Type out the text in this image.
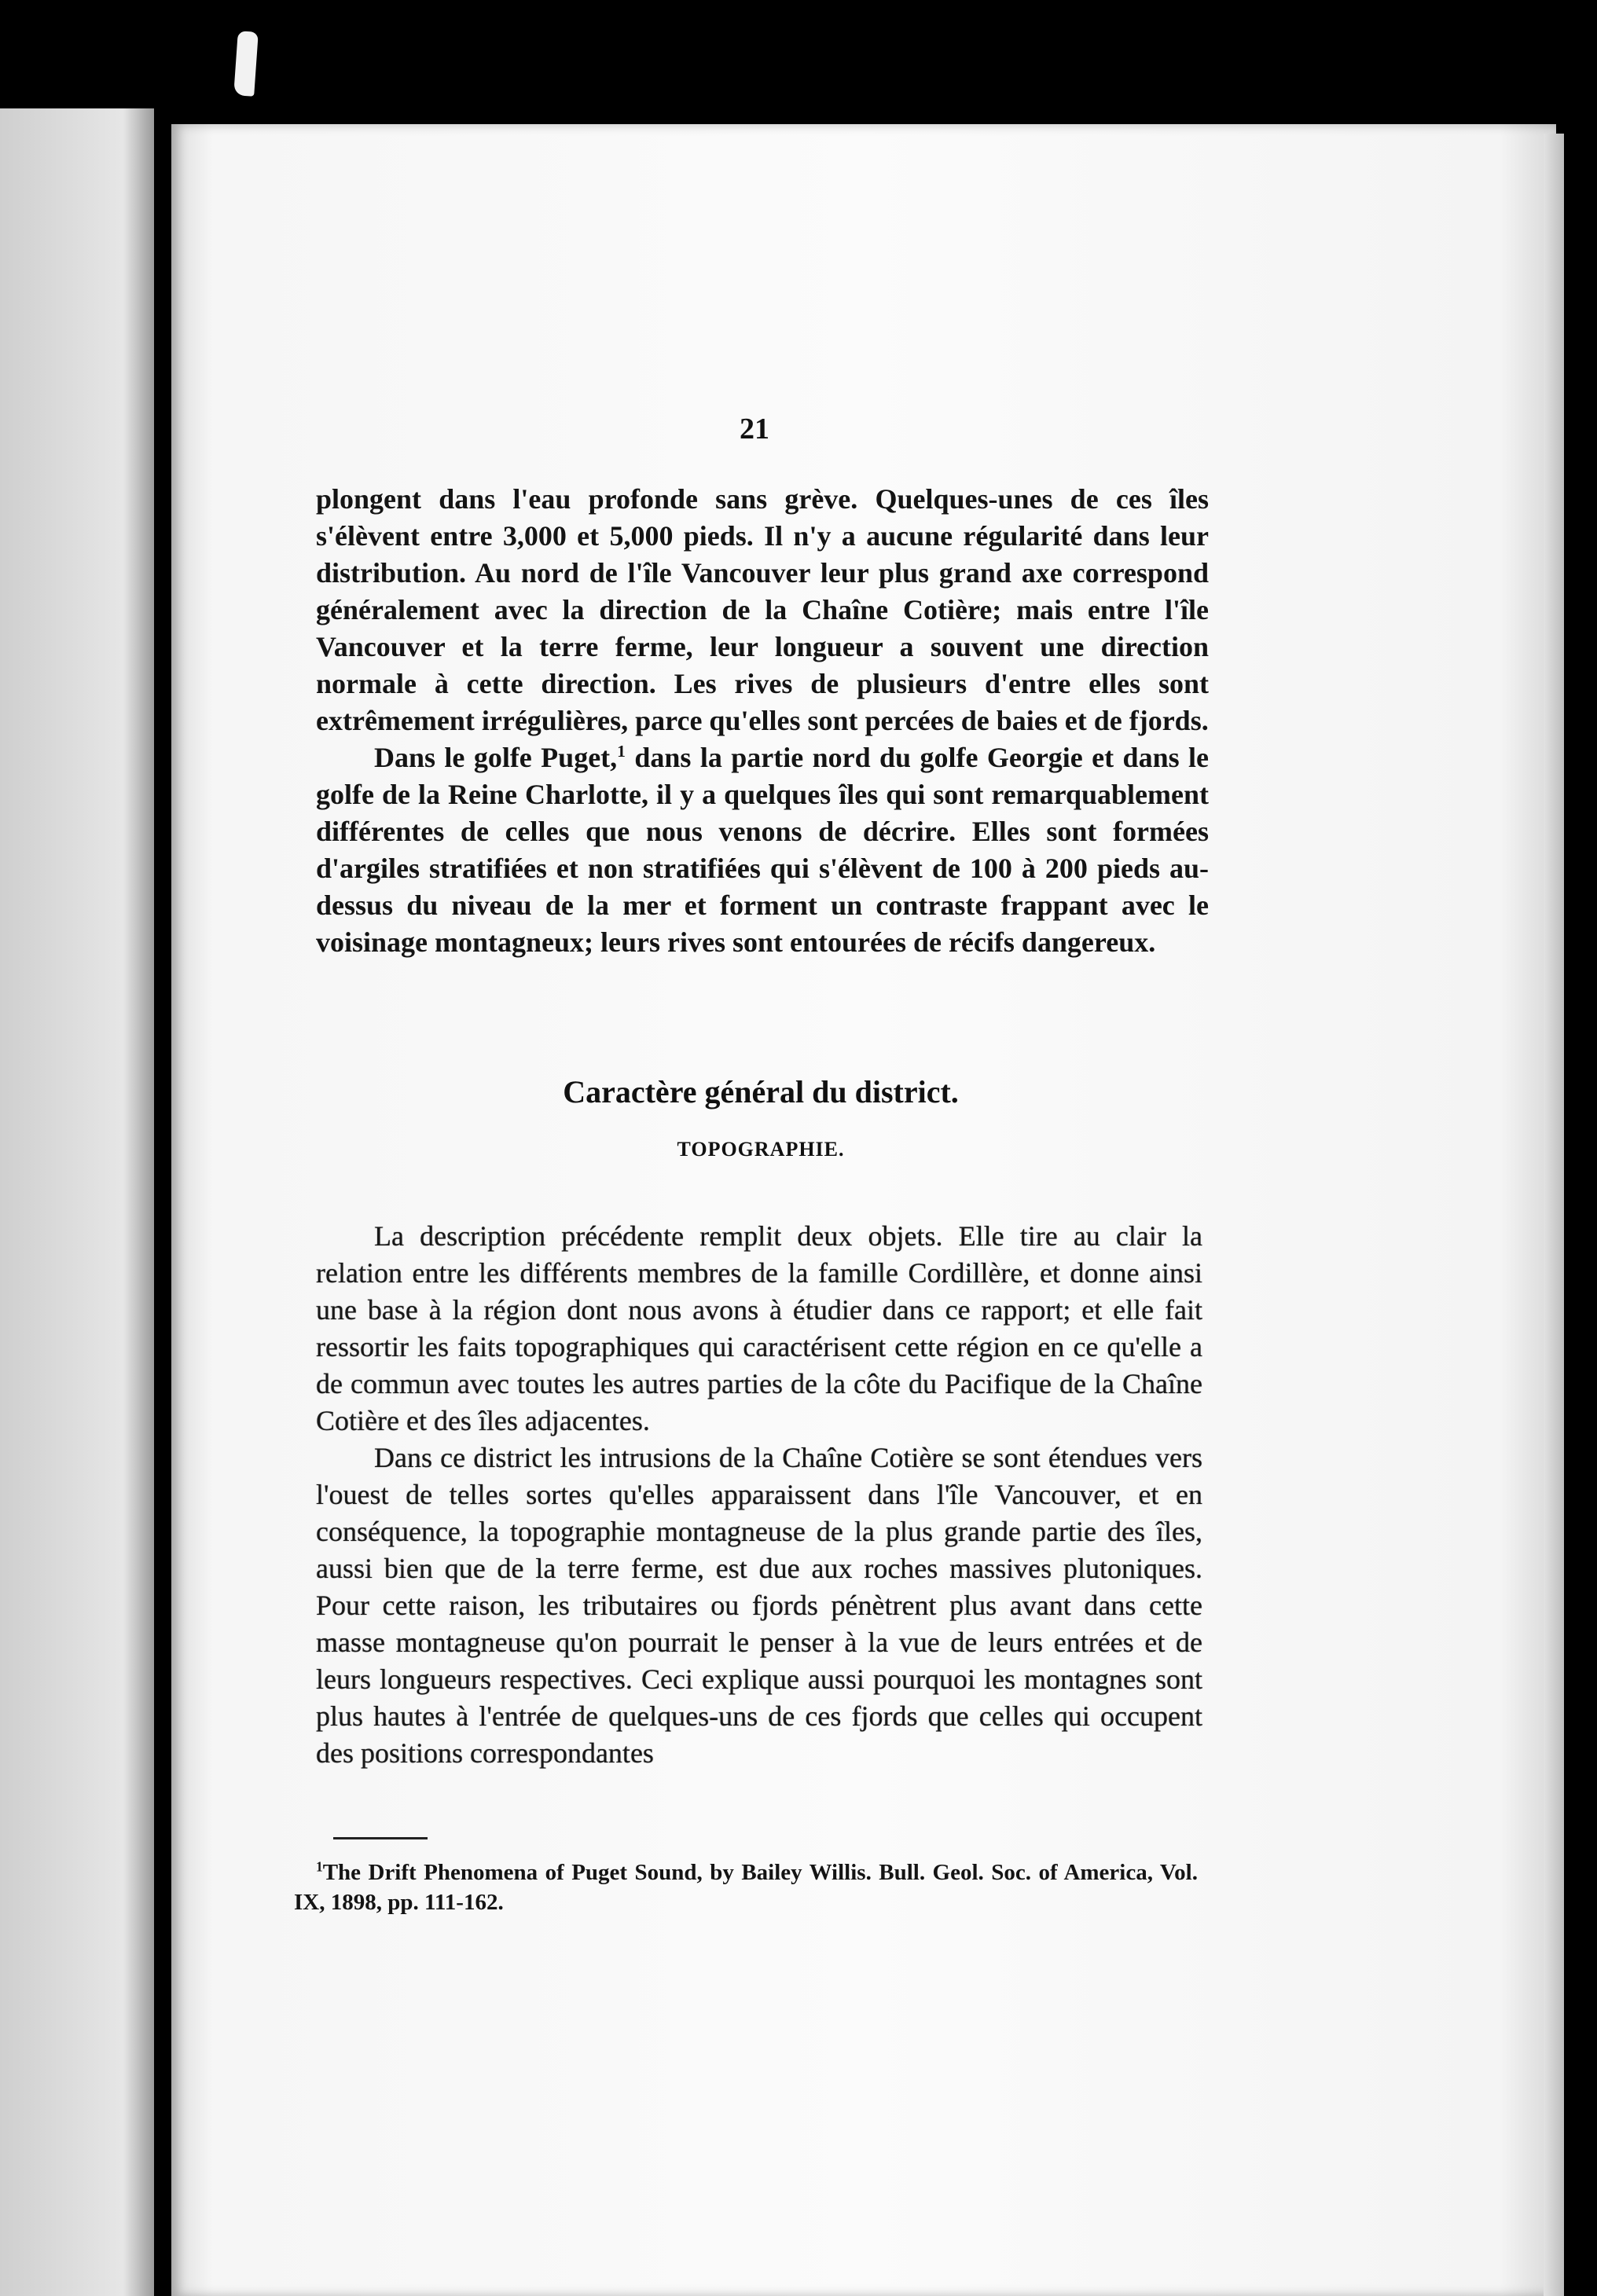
21

plongent dans l'eau profonde sans grève. Quelques-unes de ces îles s'élèvent entre 3,000 et 5,000 pieds. Il n'y a aucune régularité dans leur distribution. Au nord de l'île Vancouver leur plus grand axe correspond généralement avec la direction de la Chaîne Cotière; mais entre l'île Vancouver et la terre ferme, leur longueur a souvent une direction normale à cette direction. Les rives de plusieurs d'entre elles sont extrêmement irrégulières, parce qu'elles sont percées de baies et de fjords.

Dans le golfe Puget,$^1$ dans la partie nord du golfe Georgie et dans le golfe de la Reine Charlotte, il y a quelques îles qui sont remarquablement différentes de celles que nous venons de décrire. Elles sont formées d'argiles stratifiées et non stratifiées qui s'élèvent de 100 à 200 pieds au-dessus du niveau de la mer et forment un contraste frappant avec le voisinage montagneux; leurs rives sont entourées de récifs dangereux.

Caractère général du district.
TOPOGRAPHIE.

La description précédente remplit deux objets. Elle tire au clair la relation entre les différents membres de la famille Cordillère, et donne ainsi une base à la région dont nous avons à étudier dans ce rapport; et elle fait ressortir les faits topographiques qui caractérisent cette région en ce qu'elle a de commun avec toutes les autres parties de la côte du Pacifique de la Chaîne Cotière et des îles adjacentes.

Dans ce district les intrusions de la Chaîne Cotière se sont étendues vers l'ouest de telles sortes qu'elles apparaissent dans l'île Vancouver, et en conséquence, la topographie montagneuse de la plus grande partie des îles, aussi bien que de la terre ferme, est due aux roches massives plutoniques. Pour cette raison, les tributaires ou fjords pénètrent plus avant dans cette masse montagneuse qu'on pourrait le penser à la vue de leurs entrées et de leurs longueurs respectives. Ceci explique aussi pourquoi les montagnes sont plus hautes à l'entrée de quelques-uns de ces fjords que celles qui occupent des positions correspondantes

$^1$The Drift Phenomena of Puget Sound, by Bailey Willis. Bull. Geol. Soc. of America, Vol. IX, 1898, pp. 111-162.
